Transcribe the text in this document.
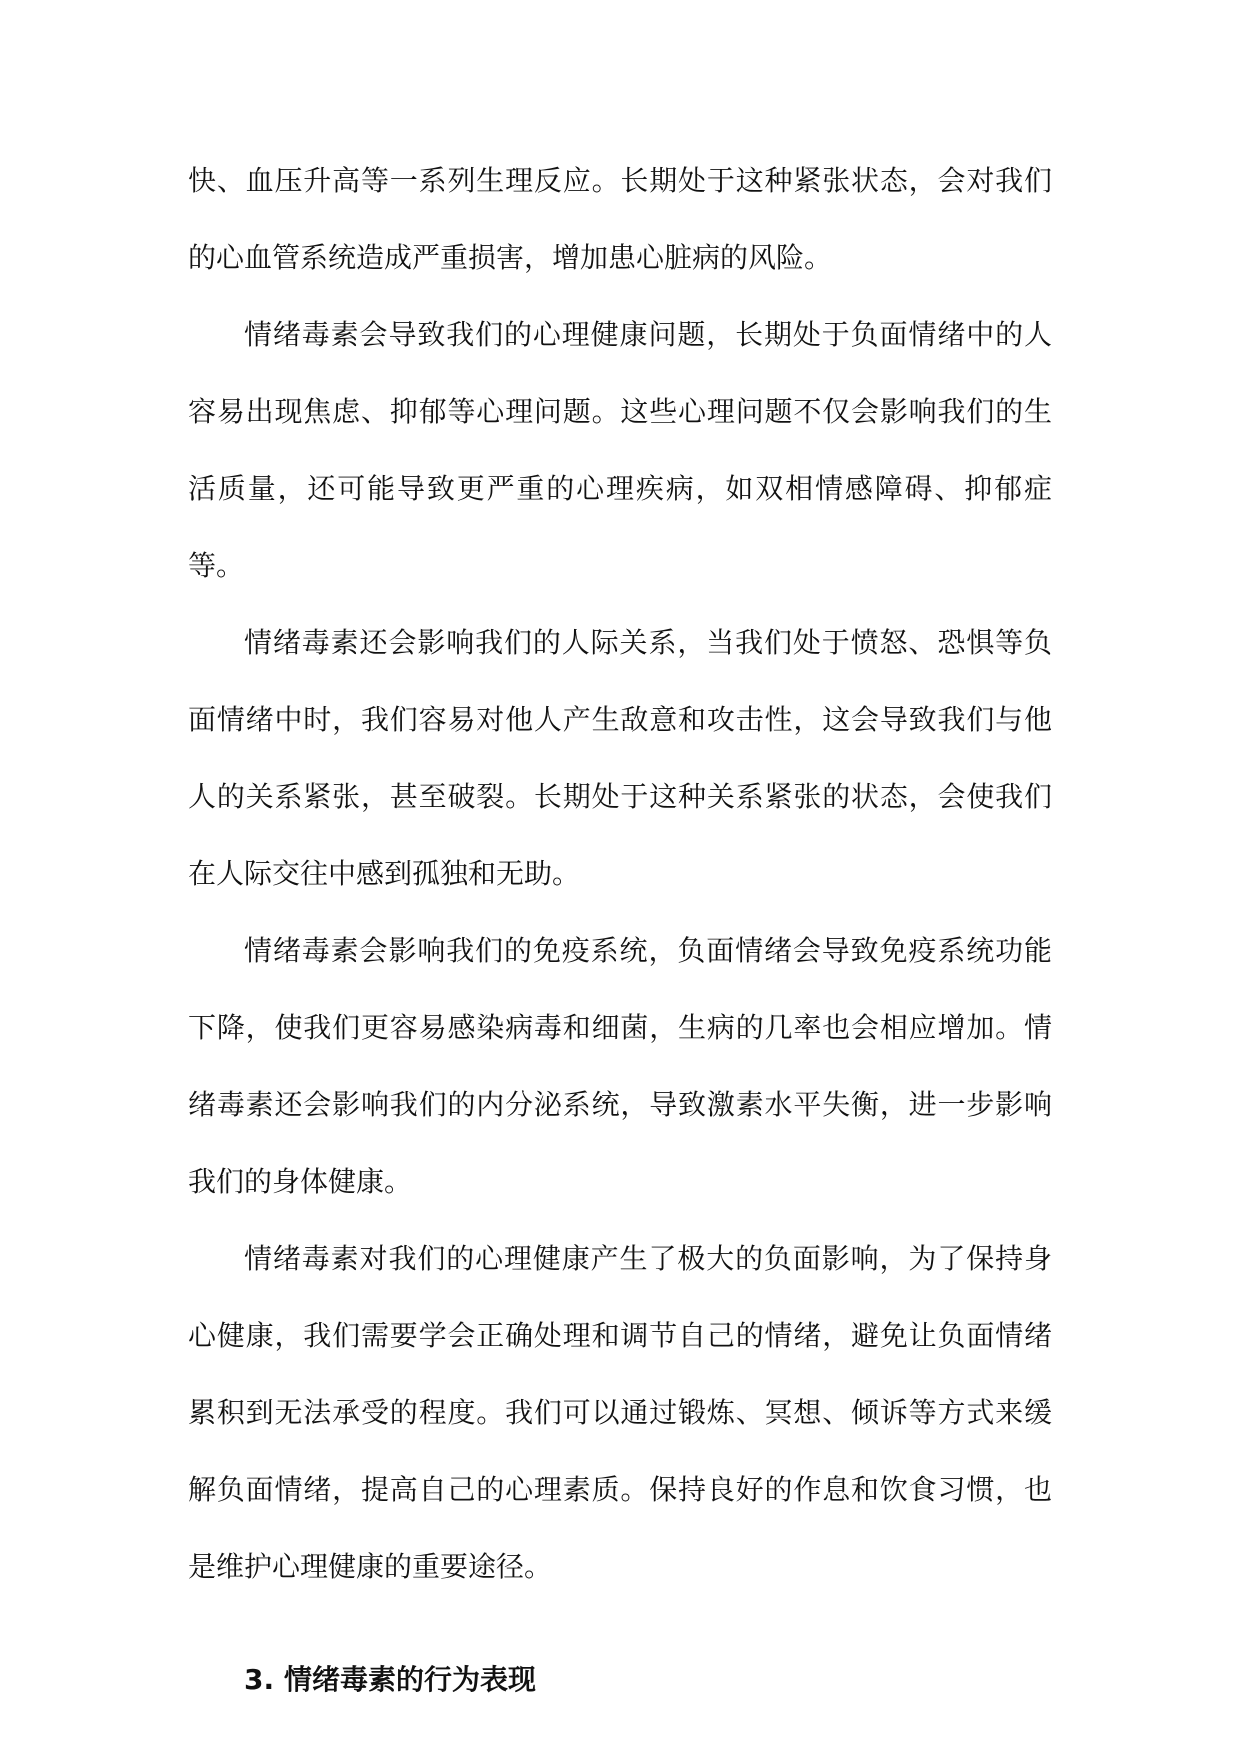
快、血压升高等一系列生理反应。长期处于这种紧张状态，会对我们的心血管系统造成严重损害，增加患心脏病的风险。

情绪毒素会导致我们的心理健康问题，长期处于负面情绪中的人容易出现焦虑、抑郁等心理问题。这些心理问题不仅会影响我们的生活质量，还可能导致更严重的心理疾病，如双相情感障碍、抑郁症等。

情绪毒素还会影响我们的人际关系，当我们处于愤怒、恐惧等负面情绪中时，我们容易对他人产生敌意和攻击性，这会导致我们与他人的关系紧张，甚至破裂。长期处于这种关系紧张的状态，会使我们在人际交往中感到孤独和无助。

情绪毒素会影响我们的免疫系统，负面情绪会导致免疫系统功能下降，使我们更容易感染病毒和细菌，生病的几率也会相应增加。情绪毒素还会影响我们的内分泌系统，导致激素水平失衡，进一步影响我们的身体健康。

情绪毒素对我们的心理健康产生了极大的负面影响，为了保持身心健康，我们需要学会正确处理和调节自己的情绪，避免让负面情绪累积到无法承受的程度。我们可以通过锻炼、冥想、倾诉等方式来缓解负面情绪，提高自己的心理素质。保持良好的作息和饮食习惯，也是维护心理健康的重要途径。

3. 情绪毒素的行为表现
